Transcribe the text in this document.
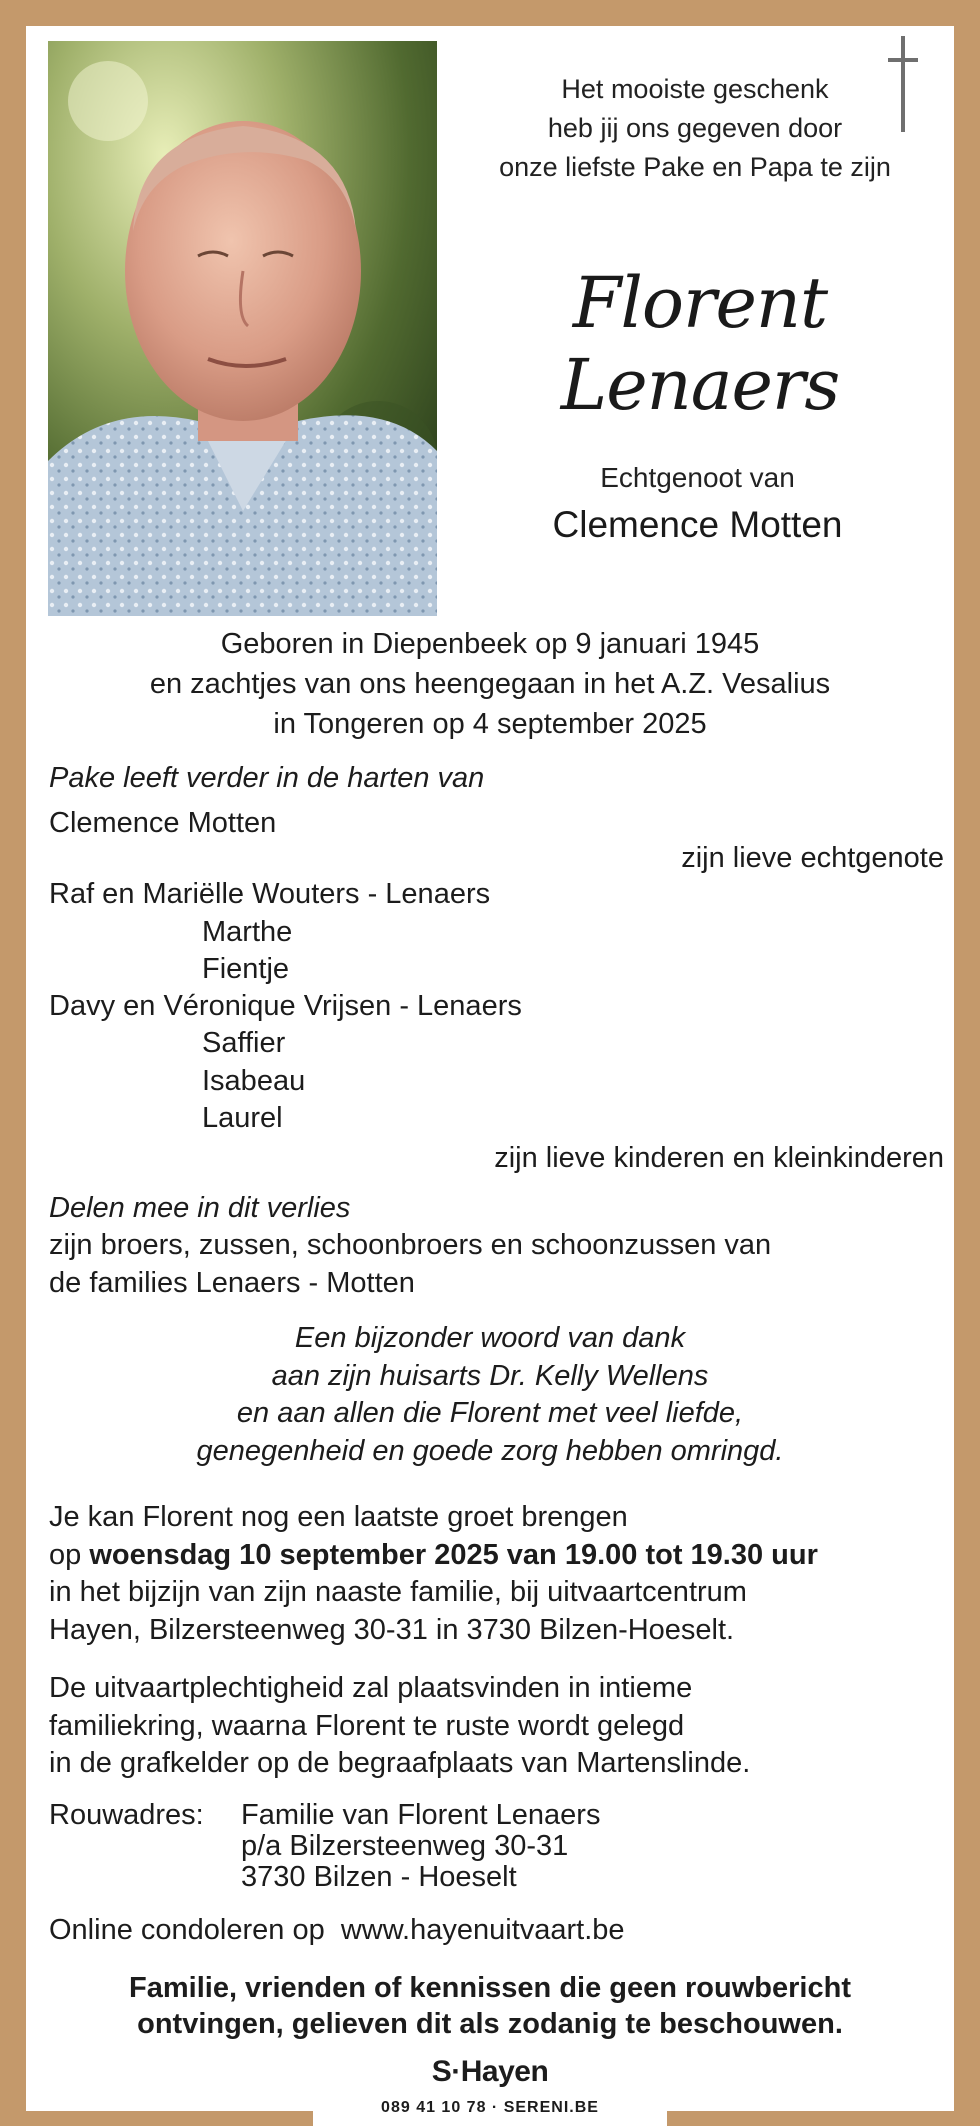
Het mooiste geschenk
heb jij ons gegeven door
onze liefste Pake en Papa te zijn
Florent Lenaers
Echtgenoot van
Clemence Motten
Geboren in Diepenbeek op 9 januari 1945
en zachtjes van ons heengegaan in het A.Z. Vesalius
in Tongeren op 4 september 2025
Pake leeft verder in de harten van
Clemence Motten
zijn lieve echtgenote
Raf en Mariëlle Wouters - Lenaers
Marthe
Fientje
Davy en Véronique Vrijsen - Lenaers
Saffier
Isabeau
Laurel
zijn lieve kinderen en kleinkinderen
Delen mee in dit verlies
zijn broers, zussen, schoonbroers en schoonzussen van
de families Lenaers - Motten
Een bijzonder woord van dank
aan zijn huisarts Dr. Kelly Wellens
en aan allen die Florent met veel liefde,
genegenheid en goede zorg hebben omringd.
Je kan Florent nog een laatste groet brengen
op woensdag 10 september 2025 van 19.00 tot 19.30 uur
in het bijzijn van zijn naaste familie, bij uitvaartcentrum
Hayen, Bilzersteenweg 30-31 in 3730 Bilzen-Hoeselt.
De uitvaartplechtigheid zal plaatsvinden in intieme
familiekring, waarna Florent te ruste wordt gelegd
in de grafkelder op de begraafplaats van Martenslinde.
Rouwadres: Familie van Florent Lenaers
p/a Bilzersteenweg 30-31
3730 Bilzen - Hoeselt
Online condoleren op www.hayenuitvaart.be
Familie, vrienden of kennissen die geen rouwbericht
ontvingen, gelieven dit als zodanig te beschouwen.
S·Hayen
089 41 10 78 · SERENI.BE
